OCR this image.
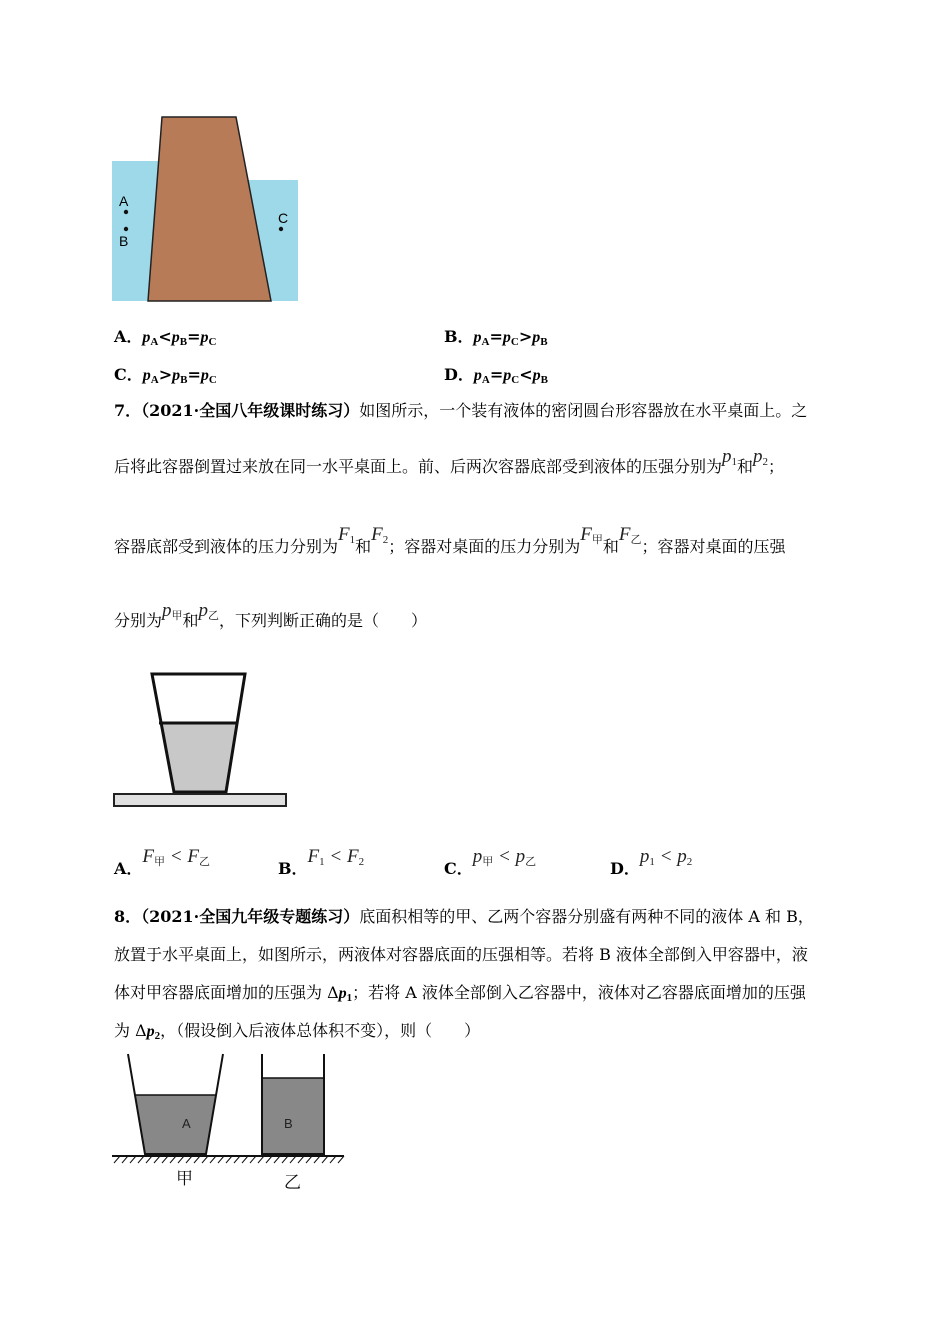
A
B
C
A．$p_A<p_B=p_C$	B．$p_A=p_C>p_B$
C．$p_A>p_B=p_C$	D．$p_A=p_C<p_B$
7．（2021·全国八年级课时练习）如图所示，一个装有液体的密闭圆台形容器放在水平桌面上。之
后将此容器倒置过来放在同一水平桌面上。前、后两次容器底部受到液体的压强分别为$p_1$和$p_2$；
容器底部受到液体的压力分别为$F_1$和$F_2$；容器对桌面的压力分别为$F_甲$和$F_乙$；容器对桌面的压强
分别为$p_甲$和$p_乙$，下列判断正确的是（　　）
A．$F_甲 < F_乙$	B．$F_1 < F_2$	C．$p_甲 < p_乙$	D．$p_1 < p_2$
8．（2021·全国九年级专题练习）底面积相等的甲、乙两个容器分别盛有两种不同的液体 A 和 B，
放置于水平桌面上，如图所示，两液体对容器底面的压强相等。若将 B 液体全部倒入甲容器中，液
体对甲容器底面增加的压强为 $\Delta p_1$；若将 A 液体全部倒入乙容器中，液体对乙容器底面增加的压强
为 $\Delta p_2$，（假设倒入后液体总体积不变），则（　　）
A	B
甲	乙
